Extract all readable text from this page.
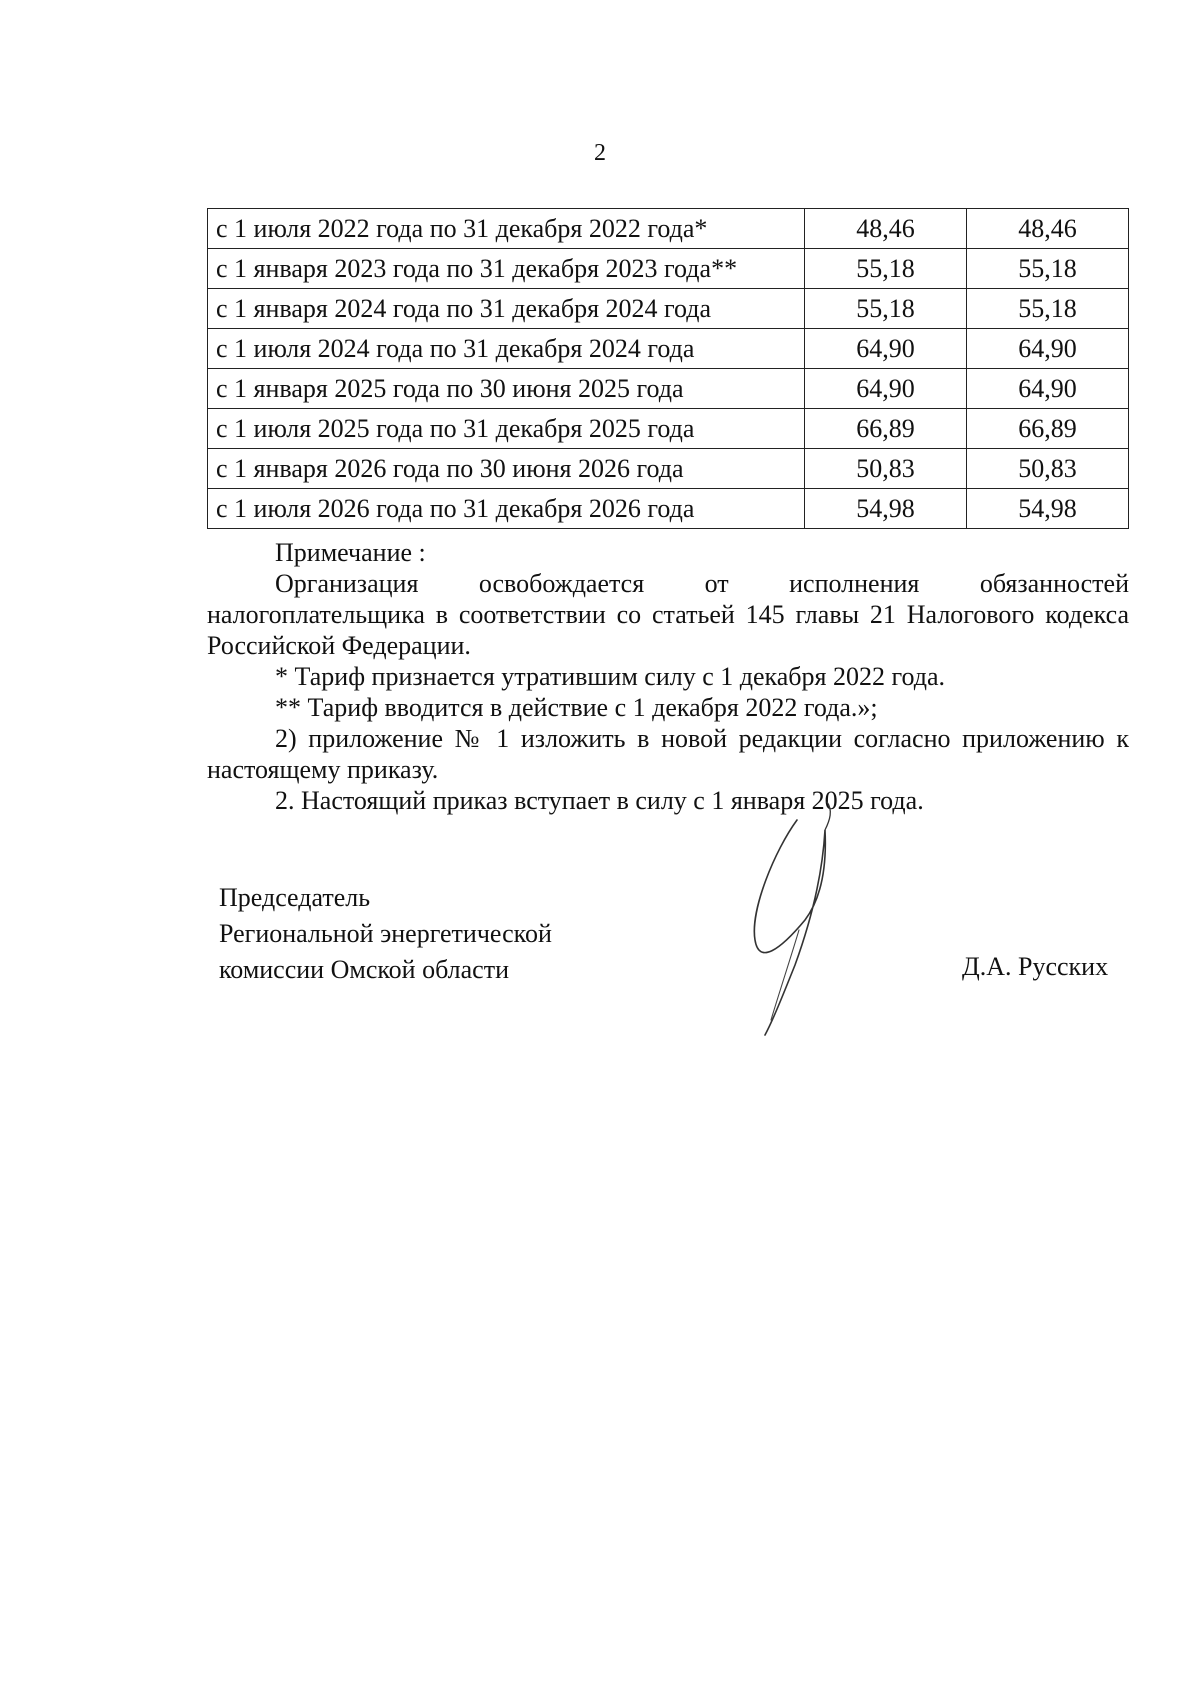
2
с 1 июля 2022 года по 31 декабря 2022 года*	48,46	48,46
с 1 января 2023 года по 31 декабря 2023 года**	55,18	55,18
с 1 января 2024 года по 31 декабря 2024 года	55,18	55,18
с 1 июля 2024 года по 31 декабря 2024 года	64,90	64,90
с 1 января 2025 года по 30 июня 2025 года	64,90	64,90
с 1 июля 2025 года по 31 декабря 2025 года	66,89	66,89
с 1 января 2026 года по 30 июня 2026 года	50,83	50,83
с 1 июля 2026 года по 31 декабря 2026 года	54,98	54,98

Примечание :

Организация освобождается от исполнения обязанностей налогоплательщика в соответствии со статьей 145 главы 21 Налогового кодекса Российской Федерации.

* Тариф признается утратившим силу с 1 декабря 2022 года.

** Тариф вводится в действие с 1 декабря 2022 года.»;

2) приложение № 1 изложить в новой редакции согласно приложению к настоящему приказу.

2. Настоящий приказ вступает в силу с 1 января 2025 года.

Председатель
Региональной энергетической
комиссии Омской области	Д.А. Русских
